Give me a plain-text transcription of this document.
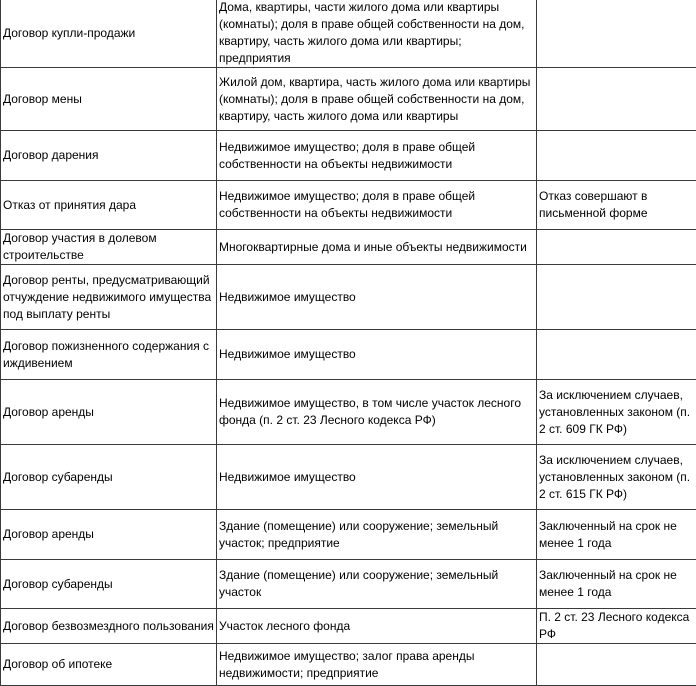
Договор купли-продажи	Дома, квартиры, части жилого дома или квартиры (комнаты); доля в праве общей собственности на дом, квартиру, часть жилого дома или квартиры; предприятия	
Договор мены	Жилой дом, квартира, часть жилого дома или квартиры (комнаты); доля в праве общей собственности на дом, квартиру, часть жилого дома или квартиры	
Договор дарения	Недвижимое имущество; доля в праве общей собственности на объекты недвижимости	
Отказ от принятия дара	Недвижимое имущество; доля в праве общей собственности на объекты недвижимости	Отказ совершают в письменной форме
Договор участия в долевом строительстве	Многоквартирные дома и иные объекты недвижимости	
Договор ренты, предусматривающий отчуждение недвижимого имущества под выплату ренты	Недвижимое имущество	
Договор пожизненного содержания с иждивением	Недвижимое имущество	
Договор аренды	Недвижимое имущество, в том числе участок лесного фонда (п. 2 ст. 23 Лесного кодекса РФ)	За исключением случаев, установленных законом (п. 2 ст. 609 ГК РФ)
Договор субаренды	Недвижимое имущество	За исключением случаев, установленных законом (п. 2 ст. 615 ГК РФ)
Договор аренды	Здание (помещение) или сооружение; земельный участок; предприятие	Заключенный на срок не менее 1 года
Договор субаренды	Здание (помещение) или сооружение; земельный участок	Заключенный на срок не менее 1 года
Договор безвозмездного пользования	Участок лесного фонда	П. 2 ст. 23 Лесного кодекса РФ
Договор об ипотеке	Недвижимое имущество; залог права аренды недвижимости; предприятие	
